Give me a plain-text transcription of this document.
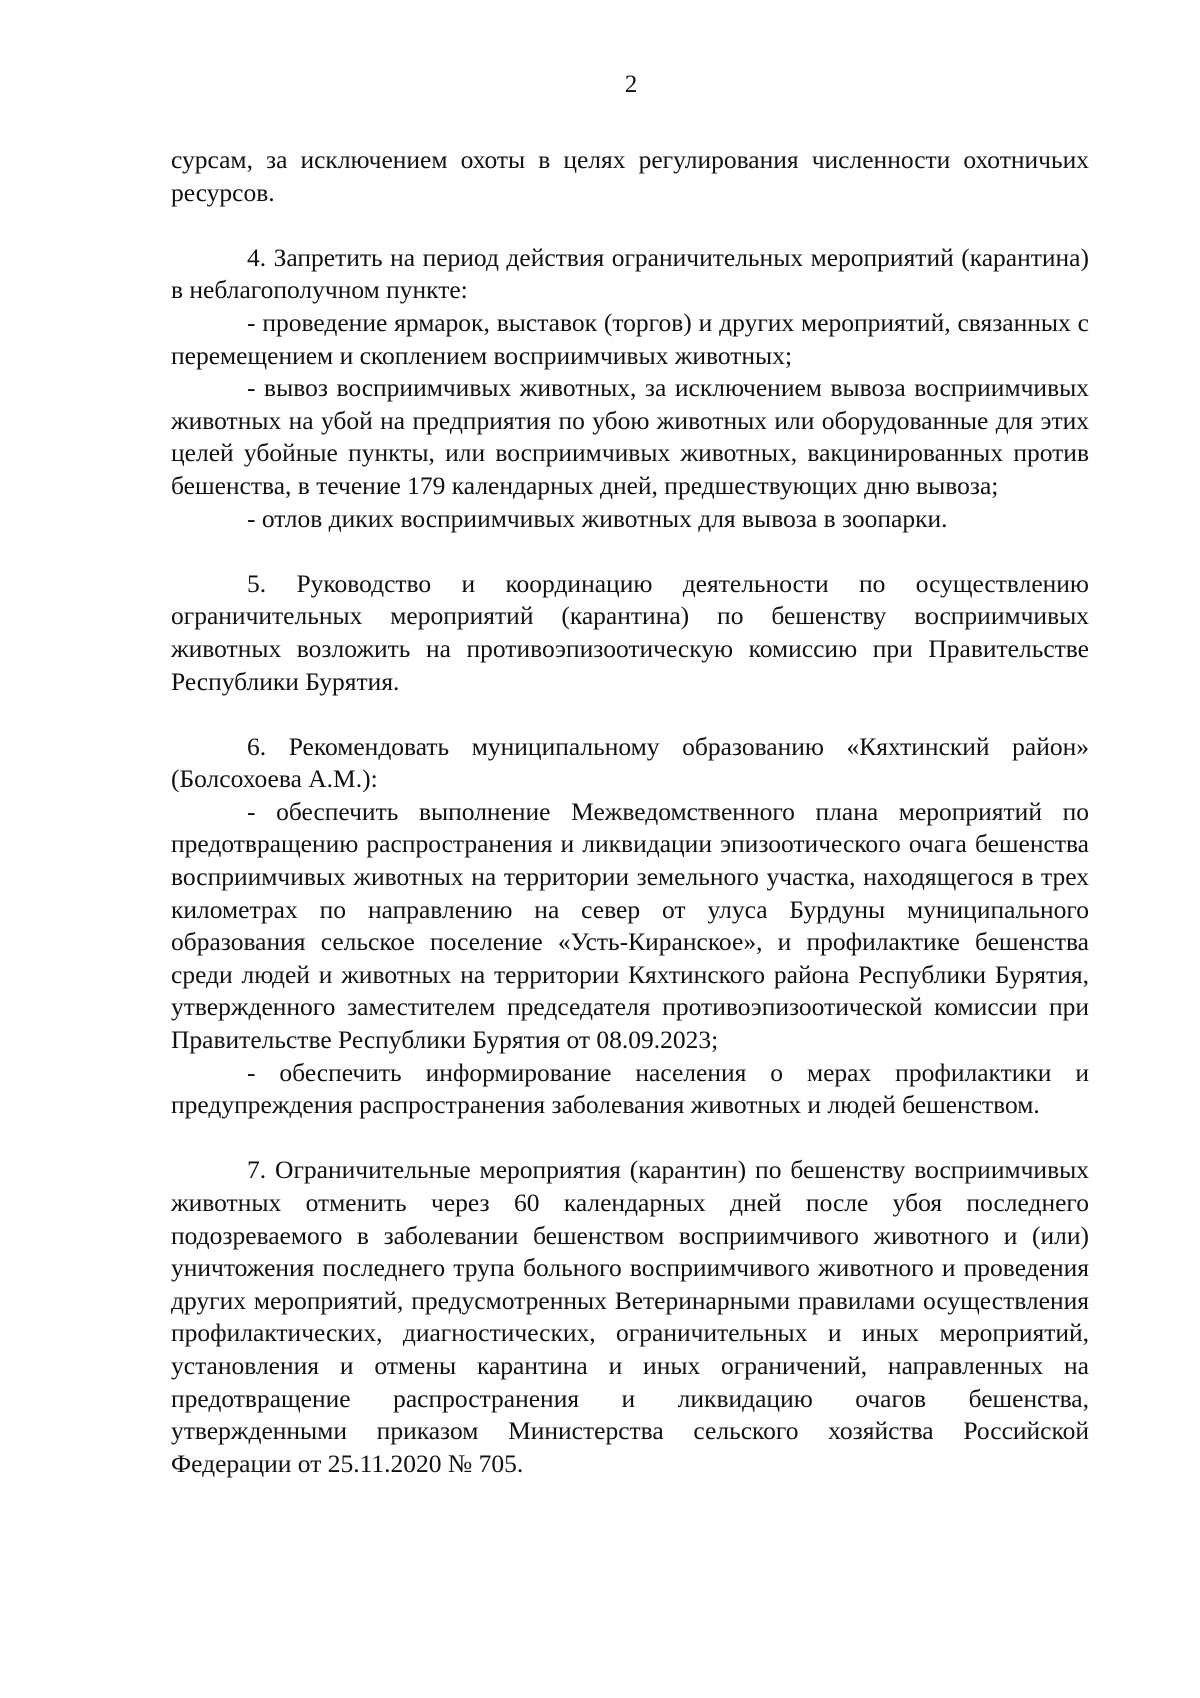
2

сурсам, за исключением охоты в целях регулирования численности охотничьих ресурсов.

4. Запретить на период действия ограничительных мероприятий (карантина) в неблагополучном пункте:

- проведение ярмарок, выставок (торгов) и других мероприятий, связанных с перемещением и скоплением восприимчивых животных;

- вывоз восприимчивых животных, за исключением вывоза восприимчивых животных на убой на предприятия по убою животных или оборудованные для этих целей убойные пункты, или восприимчивых животных, вакцинированных против бешенства, в течение 179 календарных дней, предшествующих дню вывоза;

- отлов диких восприимчивых животных для вывоза в зоопарки.

5. Руководство и координацию деятельности по осуществлению ограничительных мероприятий (карантина) по бешенству восприимчивых животных возложить на противоэпизоотическую комиссию при Правительстве Республики Бурятия.

6. Рекомендовать муниципальному образованию «Кяхтинский район» (Болсохоева А.М.):

- обеспечить выполнение Межведомственного плана мероприятий по предотвращению распространения и ликвидации эпизоотического очага бешенства восприимчивых животных на территории земельного участка, находящегося в трех километрах по направлению на север от улуса Бурдуны муниципального образования сельское поселение «Усть-Киранское», и профилактике бешенства среди людей и животных на территории Кяхтинского района Республики Бурятия, утвержденного заместителем председателя противоэпизоотической комиссии при Правительстве Республики Бурятия от 08.09.2023;

- обеспечить информирование населения о мерах профилактики и предупреждения распространения заболевания животных и людей бешенством.

7. Ограничительные мероприятия (карантин) по бешенству восприимчивых животных отменить через 60 календарных дней после убоя последнего подозреваемого в заболевании бешенством восприимчивого животного и (или) уничтожения последнего трупа больного восприимчивого животного и проведения других мероприятий, предусмотренных Ветеринарными правилами осуществления профилактических, диагностических, ограничительных и иных мероприятий, установления и отмены карантина и иных ограничений, направленных на предотвращение распространения и ликвидацию очагов бешенства, утвержденными приказом Министерства сельского хозяйства Российской Федерации от 25.11.2020 № 705.
